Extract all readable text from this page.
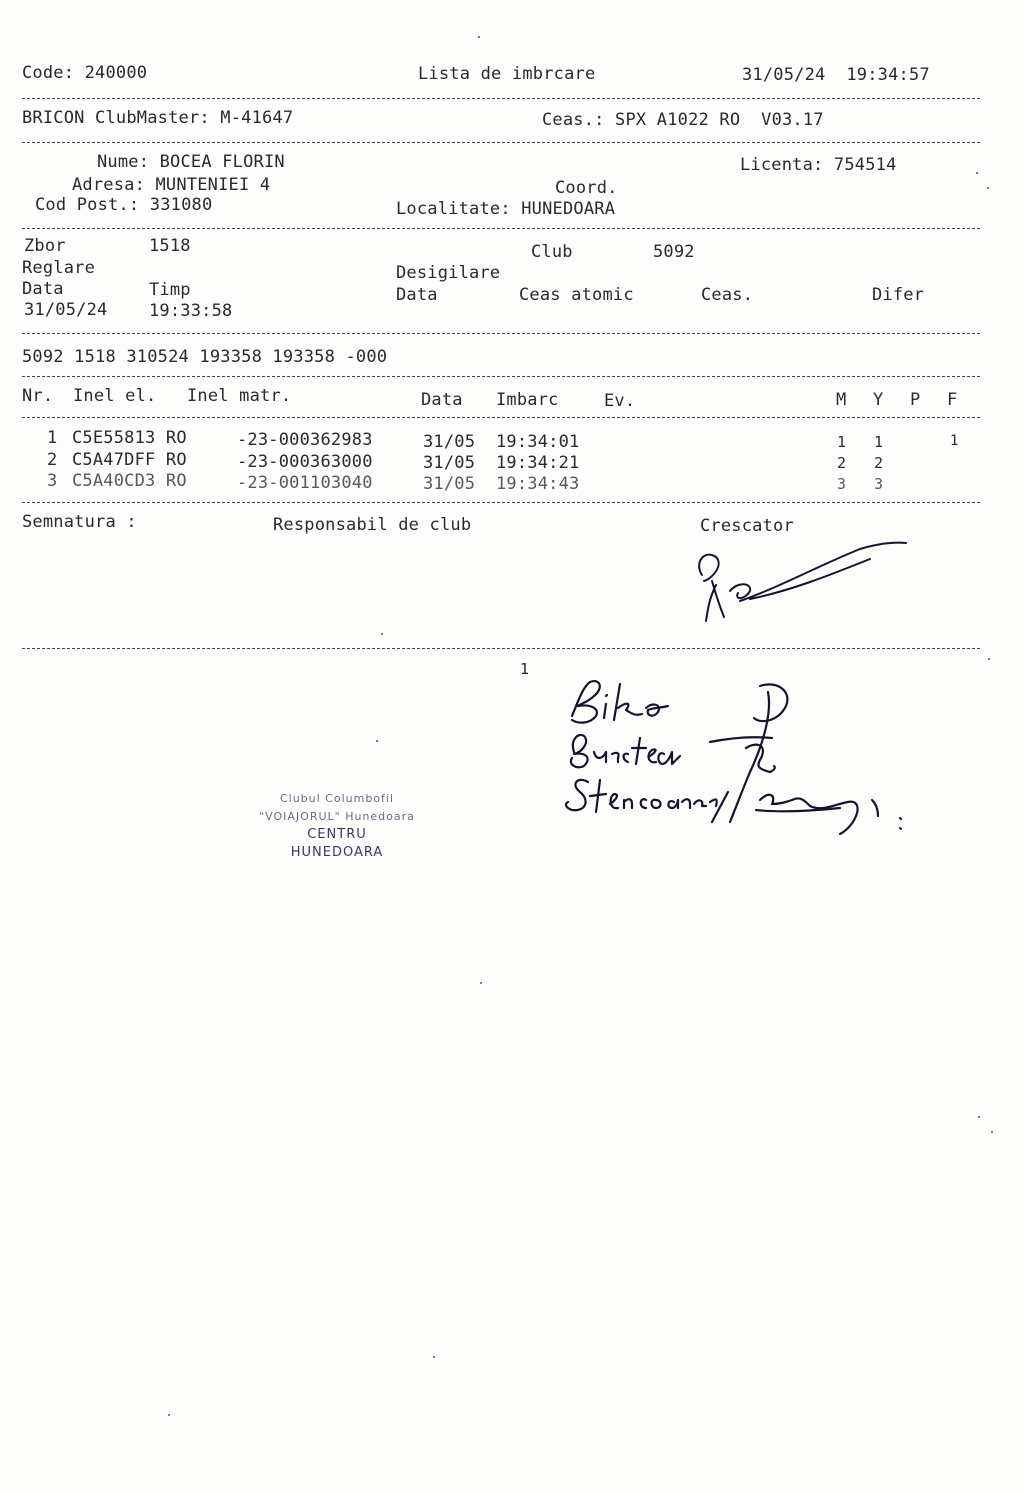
Code: 240000	Lista de imbrcare	31/05/24  19:34:57
BRICON ClubMaster: M-41647	Ceas.: SPX A1022 RO  V03.17
Nume: BOCEA FLORIN	Licenta: 754514
Adresa: MUNTENIEI 4	Coord.
Cod Post.: 331080	Localitate: HUNEDOARA
Zbor	1518	Club	5092
Reglare	Desigilare
Data	Timp	Data	Ceas atomic	Ceas.	Difer
31/05/24 19:33:58
5092 1518 310524 193358 193358 -000
Nr. Inel el. Inel matr.	Data Imbarc	Ev.	M Y P F
1 C5E55813 RO	-23-000362983	31/05 19:34:01	1 1	1
2 C5A47DFF RO	-23-000363000	31/05 19:34:21	2 2
3 C5A40CD3 RO	-23-001103040	31/05 19:34:43	3 3
Semnatura :	Responsabil de club	Crescator
1
Clubul Columbofil
"VOIAJORUL" Hunedoara
CENTRU
HUNEDOARA
